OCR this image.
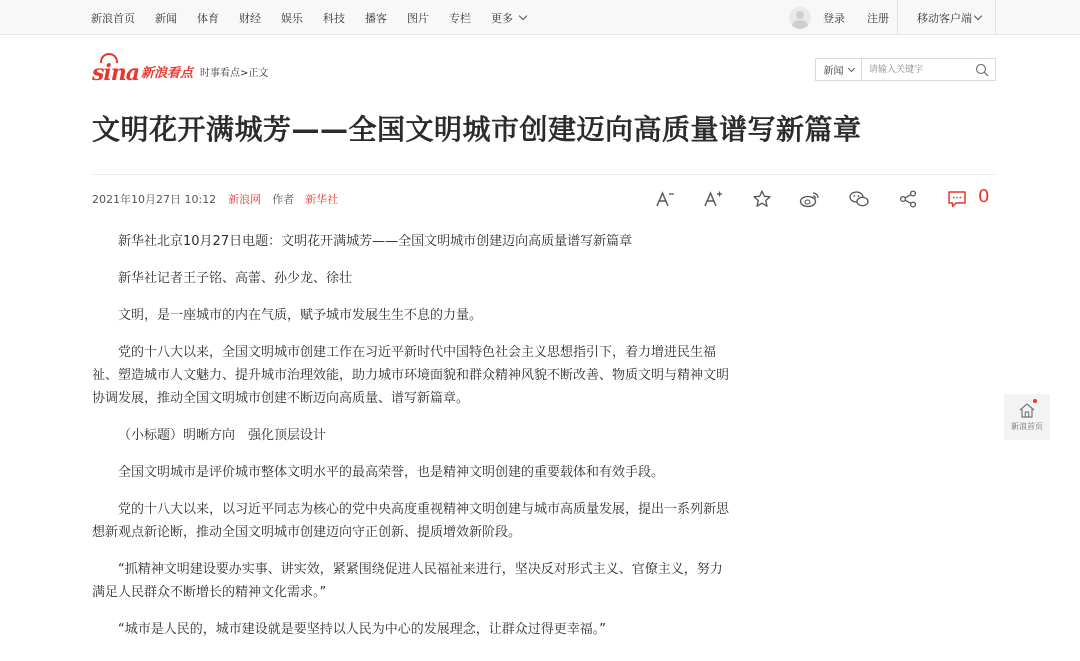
新浪首页 新闻 体育 财经 娱乐 科技 播客 图片 专栏 更多	登录 注册	移动客户端
sina 新浪看点 时事看点>正文	新闻
请输入关键字
文明花开满城芳——全国文明城市创建迈向高质量谱写新篇章
2021年10月27日 10:12 新浪网 作者 新华社	0

新华社北京10月27日电题：文明花开满城芳——全国文明城市创建迈向高质量谱写新篇章

新华社记者王子铭、高蕾、孙少龙、徐壮

文明，是一座城市的内在气质，赋予城市发展生生不息的力量。

党的十八大以来，全国文明城市创建工作在习近平新时代中国特色社会主义思想指引下，着力增进民生福祉、塑造城市人文魅力、提升城市治理效能，助力城市环境面貌和群众精神风貌不断改善、物质文明与精神文明协调发展，推动全国文明城市创建不断迈向高质量、谱写新篇章。

（小标题）明晰方向　强化顶层设计

全国文明城市是评价城市整体文明水平的最高荣誉，也是精神文明创建的重要载体和有效手段。

党的十八大以来，以习近平同志为核心的党中央高度重视精神文明创建与城市高质量发展，提出一系列新思想新观点新论断，推动全国文明城市创建迈向守正创新、提质增效新阶段。

“抓精神文明建设要办实事、讲实效，紧紧围绕促进人民福祉来进行，坚决反对形式主义、官僚主义，努力满足人民群众不断增长的精神文化需求。”

“城市是人民的，城市建设就是要坚持以人民为中心的发展理念，让群众过得更幸福。”

新浪首页
